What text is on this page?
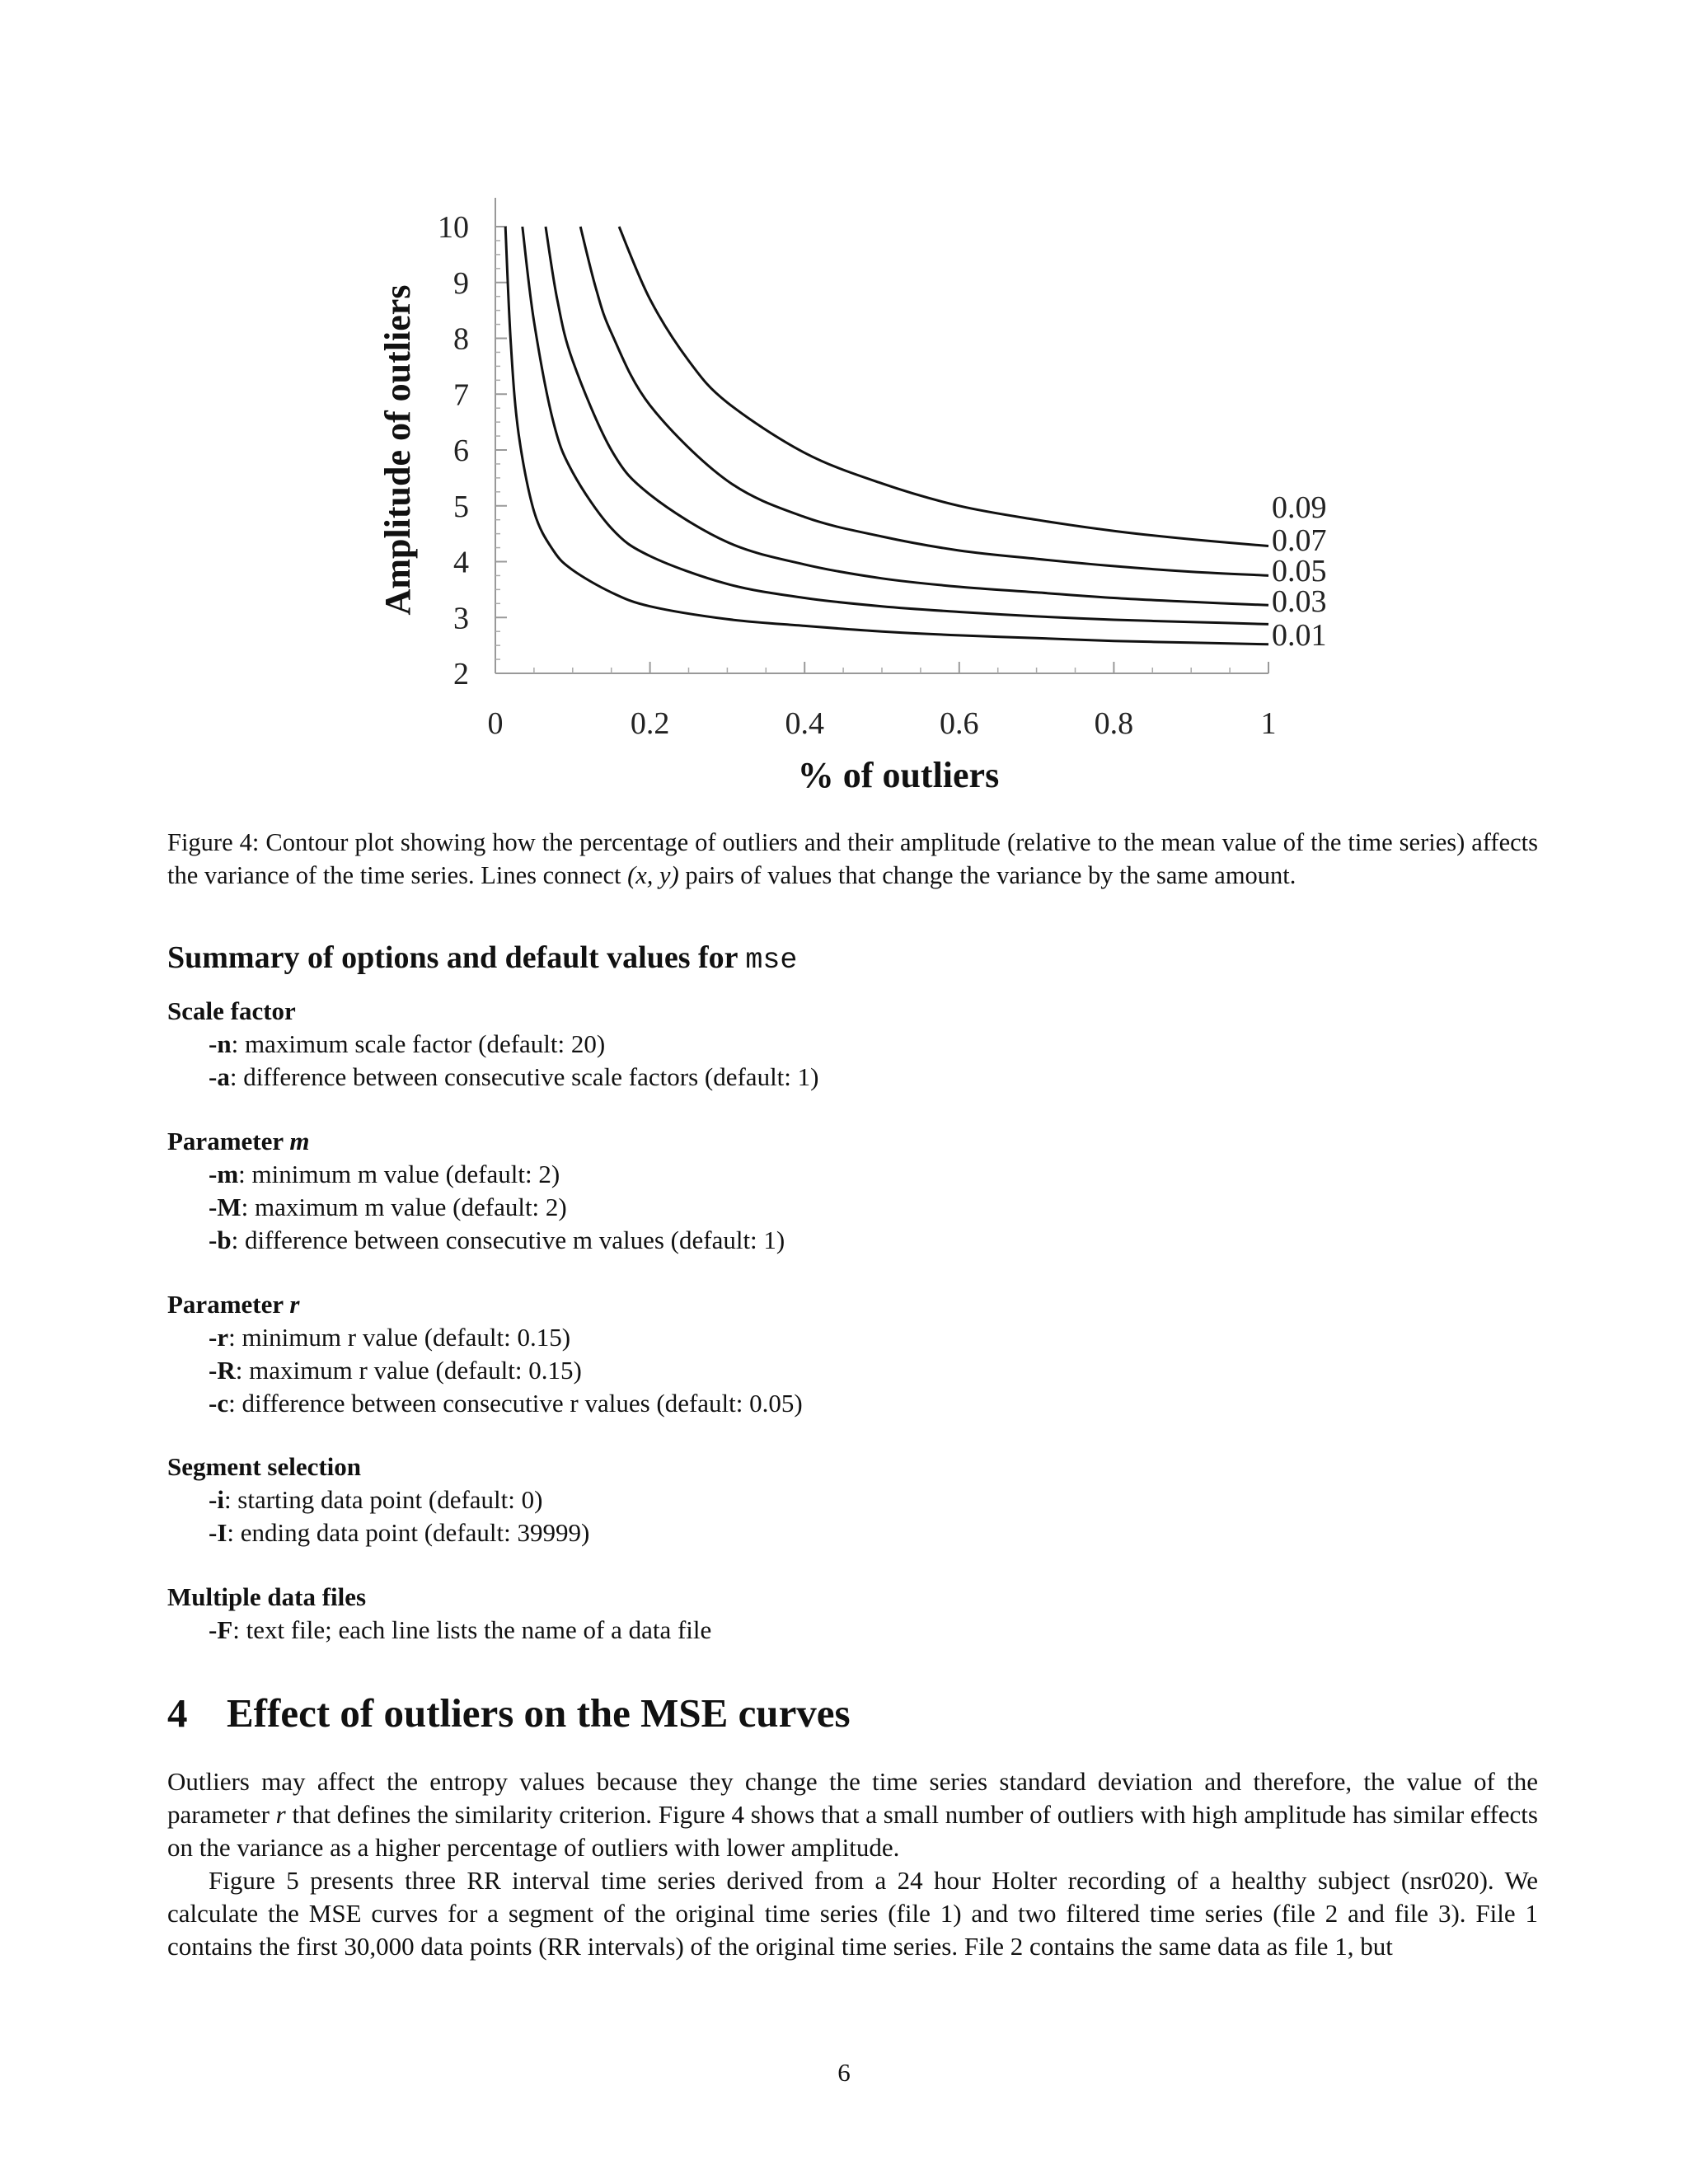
2
3
4
5
6
7
8
9
10
0	0.2	0.4	0.6	0.8	1
% of outliers
Amplitude of outliers
0.01
0.03
0.05
0.07
0.09
Figure 4: Contour plot showing how the percentage of outliers and their amplitude (relative to the mean value of the time series) affects the variance of the time series. Lines connect (x, y) pairs of values that change the variance by the same amount.
Summary of options and default values for mse
Scale factor
-n: maximum scale factor (default: 20)
-a: difference between consecutive scale factors (default: 1)
Parameter m
-m: minimum m value (default: 2)
-M: maximum m value (default: 2)
-b: difference between consecutive m values (default: 1)
Parameter r
-r: minimum r value (default: 0.15)
-R: maximum r value (default: 0.15)
-c: difference between consecutive r values (default: 0.05)
Segment selection
-i: starting data point (default: 0)
-I: ending data point (default: 39999)
Multiple data files
-F: text file; each line lists the name of a data file
4 Effect of outliers on the MSE curves

Outliers may affect the entropy values because they change the time series standard deviation and therefore, the value of the parameter r that defines the similarity criterion. Figure 4 shows that a small number of outliers with high amplitude has similar effects on the variance as a higher percentage of outliers with lower amplitude.

Figure 5 presents three RR interval time series derived from a 24 hour Holter recording of a healthy subject (nsr020). We calculate the MSE curves for a segment of the original time series (file 1) and two filtered time series (file 2 and file 3). File 1 contains the first 30,000 data points (RR intervals) of the original time series. File 2 contains the same data as file 1, but

6
